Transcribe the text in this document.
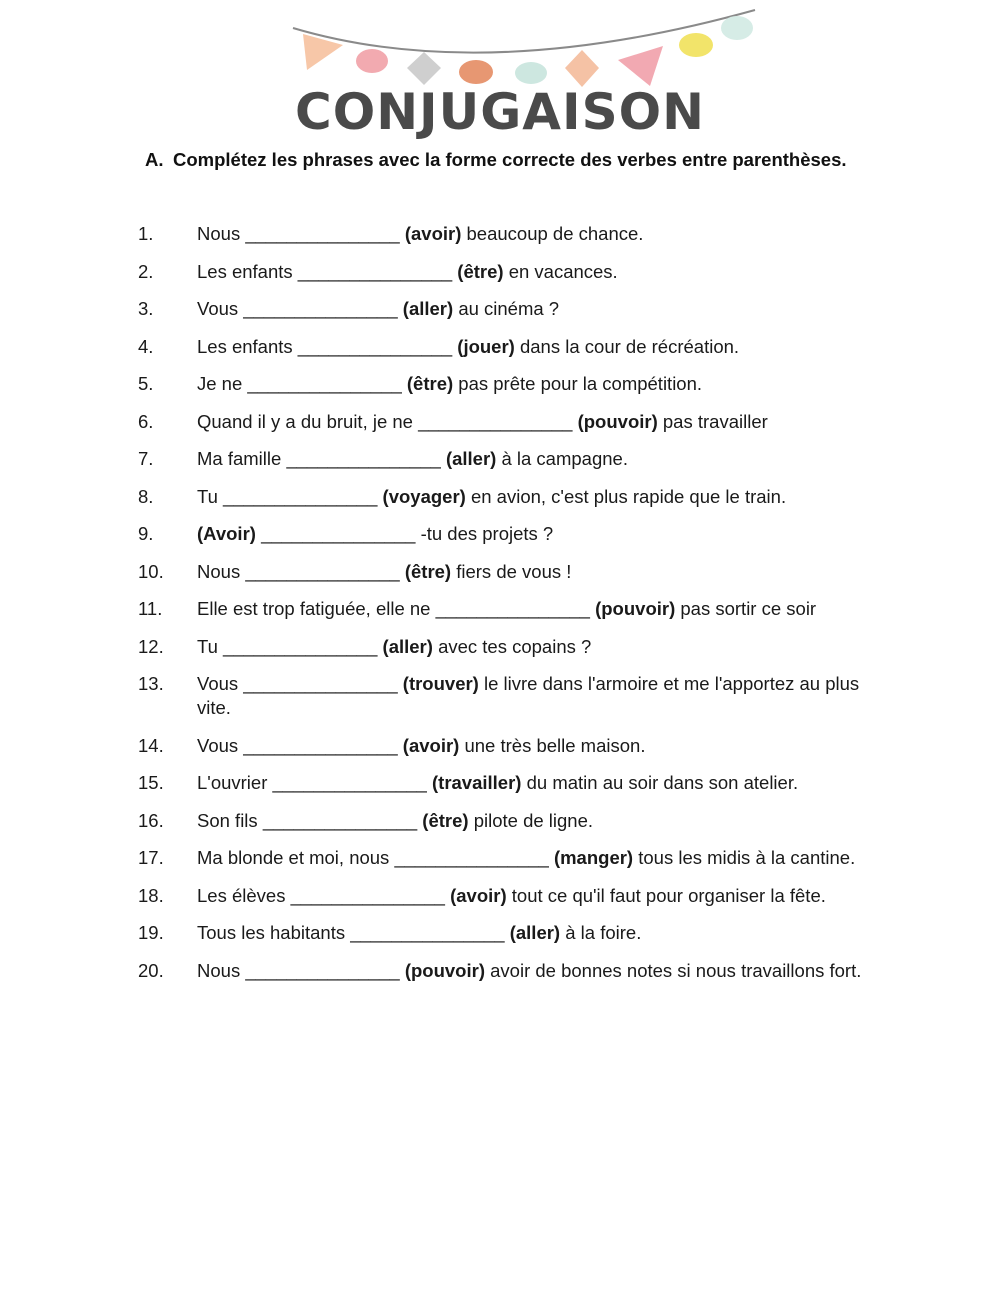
CONJUGAISON
A. Complétez les phrases avec la forme correcte des verbes entre parenthèses.
1.	Nous _______________ (avoir) beaucoup de chance.
2.	Les enfants _______________ (être) en vacances.
3.	Vous _______________ (aller) au cinéma ?
4.	Les enfants _______________ (jouer) dans la cour de récréation.
5.	Je ne _______________ (être) pas prête pour la compétition.
6.	Quand il y a du bruit, je ne _______________ (pouvoir) pas travailler
7.	Ma famille _______________ (aller) à la campagne.
8.	Tu _______________ (voyager) en avion, c'est plus rapide que le train.
9.	(Avoir) _______________ -tu des projets ?
10.	Nous _______________ (être) fiers de vous !
11.	Elle est trop fatiguée, elle ne _______________ (pouvoir) pas sortir ce soir
12.	Tu _______________ (aller) avec tes copains ?
13.	Vous _______________ (trouver) le livre dans l'armoire et me l'apportez au plus vite.
14.	Vous _______________ (avoir) une très belle maison.
15.	L'ouvrier _______________ (travailler) du matin au soir dans son atelier.
16.	Son fils _______________ (être) pilote de ligne.
17.	Ma blonde et moi, nous _______________ (manger) tous les midis à la cantine.
18.	Les élèves _______________ (avoir) tout ce qu'il faut pour organiser la fête.
19.	Tous les habitants _______________ (aller) à la foire.
20.	Nous _______________ (pouvoir) avoir de bonnes notes si nous travaillons fort.
